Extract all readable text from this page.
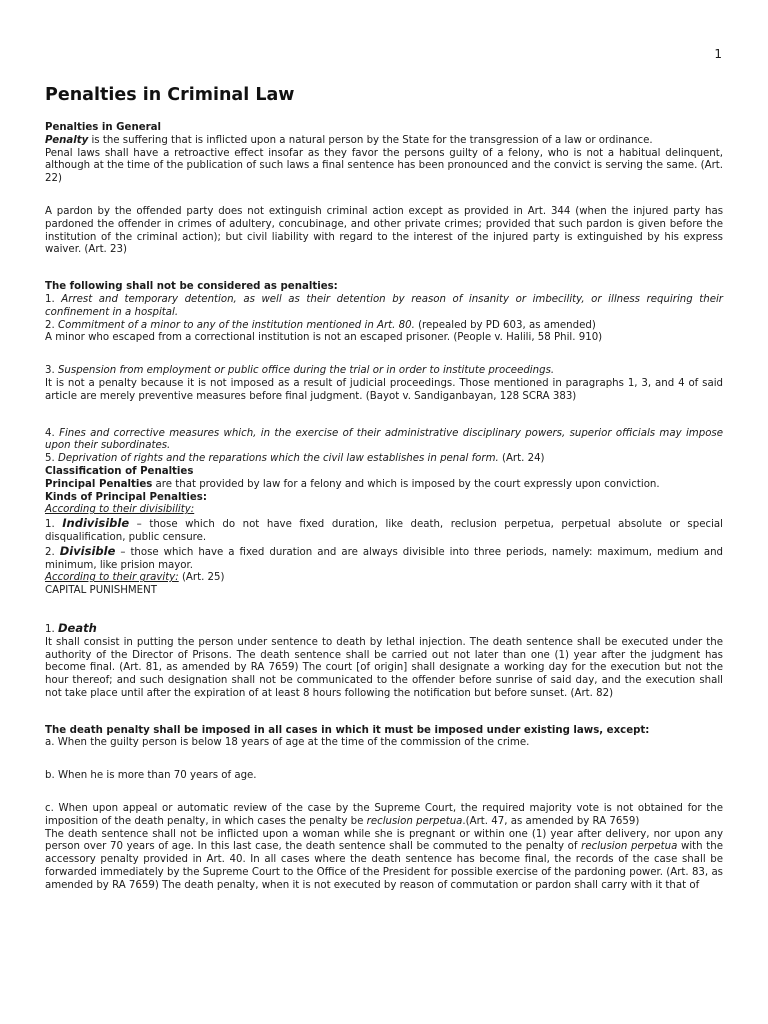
1
Penalties in Criminal Law

Penalties in General

Penalty is the suffering that is inflicted upon a natural person by the State for the transgression of a law or ordinance.

Penal laws shall have a retroactive effect insofar as they favor the persons guilty of a felony, who is not a habitual delinquent, although at the time of the publication of such laws a final sentence has been pronounced and the convict is serving the same. (Art. 22)

A pardon by the offended party does not extinguish criminal action except as provided in Art. 344 (when the injured party has pardoned the offender in crimes of adultery, concubinage, and other private crimes; provided that such pardon is given before the institution of the criminal action); but civil liability with regard to the interest of the injured party is extinguished by his express waiver. (Art. 23)

The following shall not be considered as penalties:

1. Arrest and temporary detention, as well as their detention by reason of insanity or imbecility, or illness requiring their confinement in a hospital.

2. Commitment of a minor to any of the institution mentioned in Art. 80. (repealed by PD 603, as amended)

A minor who escaped from a correctional institution is not an escaped prisoner. (People v. Halili, 58 Phil. 910)

3. Suspension from employment or public office during the trial or in order to institute proceedings.

It is not a penalty because it is not imposed as a result of judicial proceedings. Those mentioned in paragraphs 1, 3, and 4 of said article are merely preventive measures before final judgment. (Bayot v. Sandiganbayan, 128 SCRA 383)

4. Fines and corrective measures which, in the exercise of their administrative disciplinary powers, superior officials may impose upon their subordinates.

5. Deprivation of rights and the reparations which the civil law establishes in penal form. (Art. 24)

Classification of Penalties

Principal Penalties are that provided by law for a felony and which is imposed by the court expressly upon conviction.

Kinds of Principal Penalties:

According to their divisibility:

1. Indivisible – those which do not have fixed duration, like death, reclusion perpetua, perpetual absolute or special disqualification, public censure.

2. Divisible – those which have a fixed duration and are always divisible into three periods, namely: maximum, medium and minimum, like prision mayor.

According to their gravity: (Art. 25)

CAPITAL PUNISHMENT

1. Death

It shall consist in putting the person under sentence to death by lethal injection. The death sentence shall be executed under the authority of the Director of Prisons. The death sentence shall be carried out not later than one (1) year after the judgment has become final. (Art. 81, as amended by RA 7659) The court [of origin] shall designate a working day for the execution but not the hour thereof; and such designation shall not be communicated to the offender before sunrise of said day, and the execution shall not take place until after the expiration of at least 8 hours following the notification but before sunset. (Art. 82)

The death penalty shall be imposed in all cases in which it must be imposed under existing laws, except:

a. When the guilty person is below 18 years of age at the time of the commission of the crime.

b. When he is more than 70 years of age.

c. When upon appeal or automatic review of the case by the Supreme Court, the required majority vote is not obtained for the imposition of the death penalty, in which cases the penalty be reclusion perpetua.(Art. 47, as amended by RA 7659)

The death sentence shall not be inflicted upon a woman while she is pregnant or within one (1) year after delivery, nor upon any person over 70 years of age. In this last case, the death sentence shall be commuted to the penalty of reclusion perpetua with the accessory penalty provided in Art. 40. In all cases where the death sentence has become final, the records of the case shall be forwarded immediately by the Supreme Court to the Office of the President for possible exercise of the pardoning power. (Art. 83, as amended by RA 7659) The death penalty, when it is not executed by reason of commutation or pardon shall carry with it that of
